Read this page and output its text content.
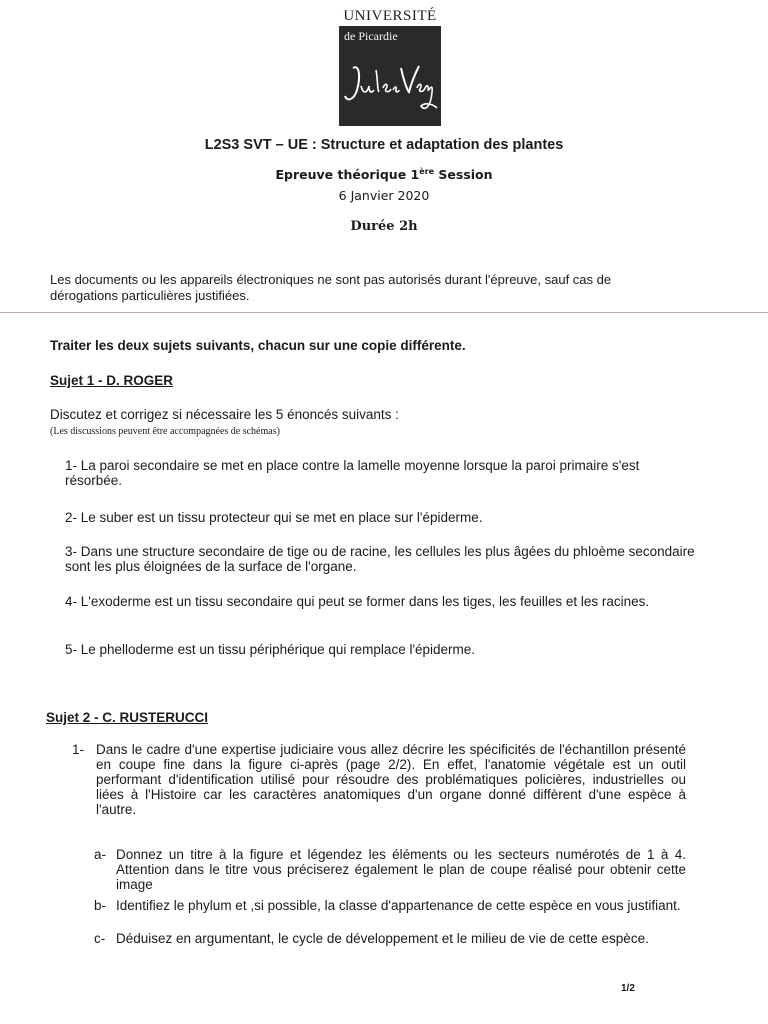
UNIVERSITÉ
de Picardie
L2S3 SVT – UE : Structure et adaptation des plantes
Epreuve théorique 1ère Session
6 Janvier 2020
Durée 2h
Les documents ou les appareils électroniques ne sont pas autorisés durant l'épreuve, sauf cas de dérogations particulières justifiées.
Traiter les deux sujets suivants, chacun sur une copie différente.
Sujet 1 - D. ROGER
Discutez et corrigez si nécessaire les 5 énoncés suivants :
(Les discussions peuvent être accompagnées de schémas)
1- La paroi secondaire se met en place contre la lamelle moyenne lorsque la paroi primaire s'est résorbée.
2- Le suber est un tissu protecteur qui se met en place sur l'épiderme.
3- Dans une structure secondaire de tige ou de racine, les cellules les plus âgées du phloème secondaire sont les plus éloignées de la surface de l'organe.
4- L'exoderme est un tissu secondaire qui peut se former dans les tiges, les feuilles et les racines.
5- Le phelloderme est un tissu périphérique qui remplace l'épiderme.
Sujet 2 - C. RUSTERUCCI
1- Dans le cadre d'une expertise judiciaire vous allez décrire les spécificités de l'échantillon présenté en coupe fine dans la figure ci-après (page 2/2). En effet, l'anatomie végétale est un outil performant d'identification utilisé pour résoudre des problématiques policières, industrielles ou liées à l'Histoire car les caractères anatomiques d'un organe donné diffèrent d'une espèce à l'autre.
a- Donnez un titre à la figure et légendez les éléments ou les secteurs numérotés de 1 à 4. Attention dans le titre vous préciserez également le plan de coupe réalisé pour obtenir cette image
b- Identifiez le phylum et ,si possible, la classe d'appartenance de cette espèce en vous justifiant.
c- Déduisez en argumentant, le cycle de développement et le milieu de vie de cette espèce.
1/2
